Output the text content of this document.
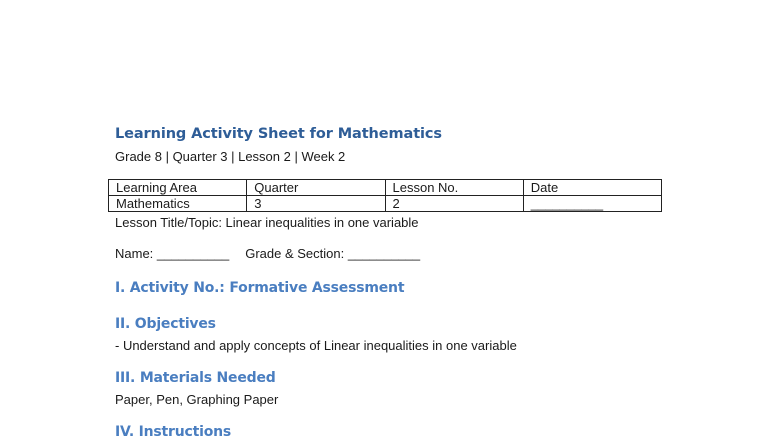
Learning Activity Sheet for Mathematics
Grade 8 | Quarter 3 | Lesson 2 | Week 2
Learning Area	Quarter	Lesson No.	Date
Mathematics	3	2	__________
Lesson Title/Topic: Linear inequalities in one variable
Name: __________ Grade & Section: __________
I. Activity No.: Formative Assessment
II. Objectives
- Understand and apply concepts of Linear inequalities in one variable
III. Materials Needed
Paper, Pen, Graphing Paper
IV. Instructions
